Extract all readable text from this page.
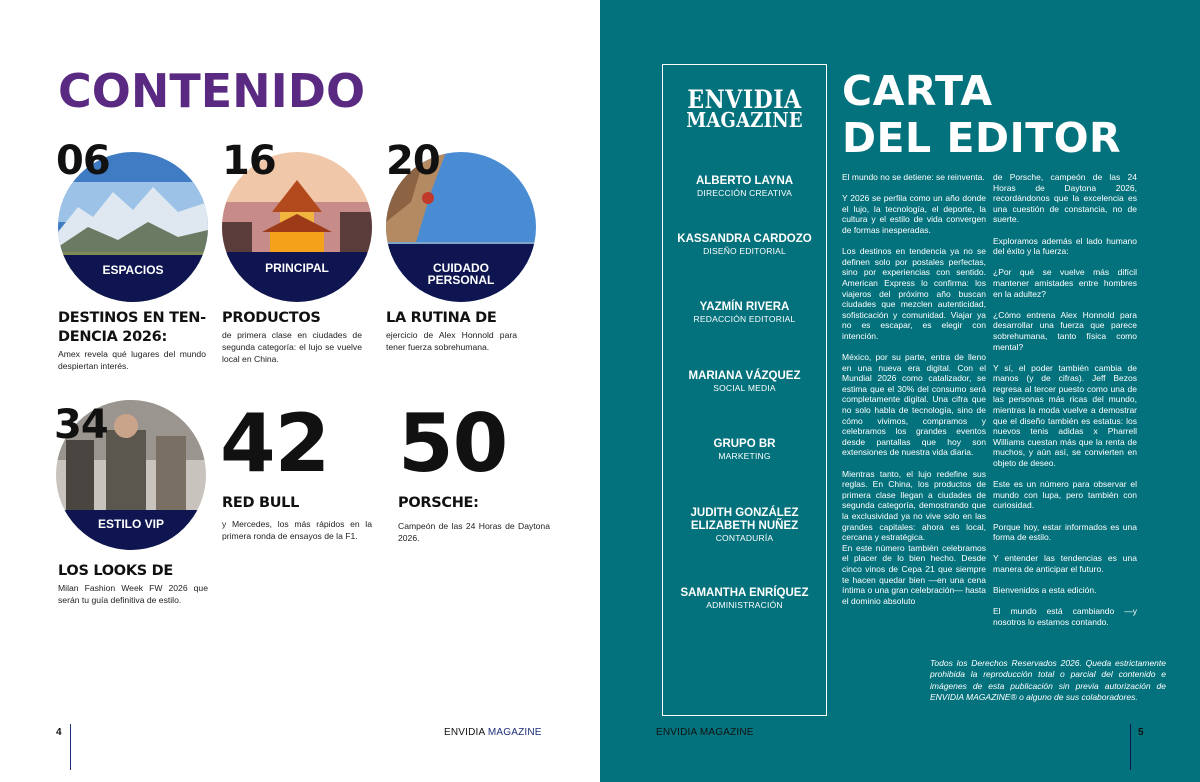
CONTENIDO
06
ESPACIOS
DESTINOS EN TEN-
DENCIA 2026:
Amex revela qué lugares del mundo despiertan interés.
16
PRINCIPAL
PRODUCTOS
de primera clase en ciudades de segunda categoría: el lujo se vuelve local en China.
20
CUIDADO
PERSONAL
LA RUTINA DE
ejercicio de Alex Honnold para tener fuerza sobrehumana.
34
ESTILO VIP
LOS LOOKS DE
Milan Fashion Week FW 2026 que serán tu guía definitiva de estilo.
42
RED BULL
y Mercedes, los más rápidos en la primera ronda de ensayos de la F1.
50
PORSCHE:
Campeón de las 24 Horas de Daytona 2026.
4	ENVIDIA MAGAZINE
ENVIDIA
MAGAZINE
ALBERTO LAYNA
DIRECCIÓN CREATIVA
KASSANDRA CARDOZO
DISEÑO EDITORIAL
YAZMÍN RIVERA
REDACCIÓN EDITORIAL
MARIANA VÁZQUEZ
SOCIAL MEDIA
GRUPO BR
MARKETING
JUDITH GONZÁLEZ
ELIZABETH NUÑEZ
CONTADURÍA
SAMANTHA ENRÍQUEZ
ADMINISTRACIÓN
CARTA
DEL EDITOR

El mundo no se detiene: se reinventa.

Y 2026 se perfila como un año donde el lujo, la tecnología, el deporte, la cultura y el estilo de vida convergen de formas inesperadas.

Los destinos en tendencia ya no se definen solo por postales perfectas, sino por experiencias con sentido. American Express lo confirma: los viajeros del próximo año buscan ciudades que mezclen autenticidad, sofisticación y comunidad. Viajar ya no es escapar, es elegir con intención.

México, por su parte, entra de lleno en una nueva era digital. Con el Mundial 2026 como catalizador, se estima que el 30% del consumo será completamente digital. Una cifra que no solo habla de tecnología, sino de cómo vivimos, compramos y celebramos los grandes eventos desde pantallas que hoy son extensiones de nuestra vida diaria.

Mientras tanto, el lujo redefine sus reglas. En China, los productos de primera clase llegan a ciudades de segunda categoría, demostrando que la exclusividad ya no vive solo en las grandes capitales: ahora es local, cercana y estratégica.

En este número también celebramos el placer de lo bien hecho. Desde cinco vinos de Cepa 21 que siempre te hacen quedar bien —en una cena íntima o una gran celebración— hasta el dominio absoluto

de Porsche, campeón de las 24 Horas de Daytona 2026, recordándonos que la excelencia es una cuestión de constancia, no de suerte.

Exploramos además el lado humano del éxito y la fuerza:

¿Por qué se vuelve más difícil mantener amistades entre hombres en la adultez?

¿Cómo entrena Alex Honnold para desarrollar una fuerza que parece sobrehumana, tanto física como mental?

Y sí, el poder también cambia de manos (y de cifras). Jeff Bezos regresa al tercer puesto como una de las personas más ricas del mundo, mientras la moda vuelve a demostrar que el diseño también es estatus: los nuevos tenis adidas x Pharrell Williams cuestan más que la renta de muchos, y aún así, se convierten en objeto de deseo.

Este es un número para observar el mundo con lupa, pero también con curiosidad.

Porque hoy, estar informados es una forma de estilo.

Y entender las tendencias es una manera de anticipar el futuro.

Bienvenidos a esta edición.

El mundo está cambiando —y nosotros lo estamos contando.

Todos los Derechos Reservados 2026. Queda estrictamente prohibida la reproducción total o parcial del contenido e imágenes de esta publicación sin previa autorización de ENVIDIA MAGAZINE® o alguno de sus colaboradores.
ENVIDIA MAGAZINE	5
